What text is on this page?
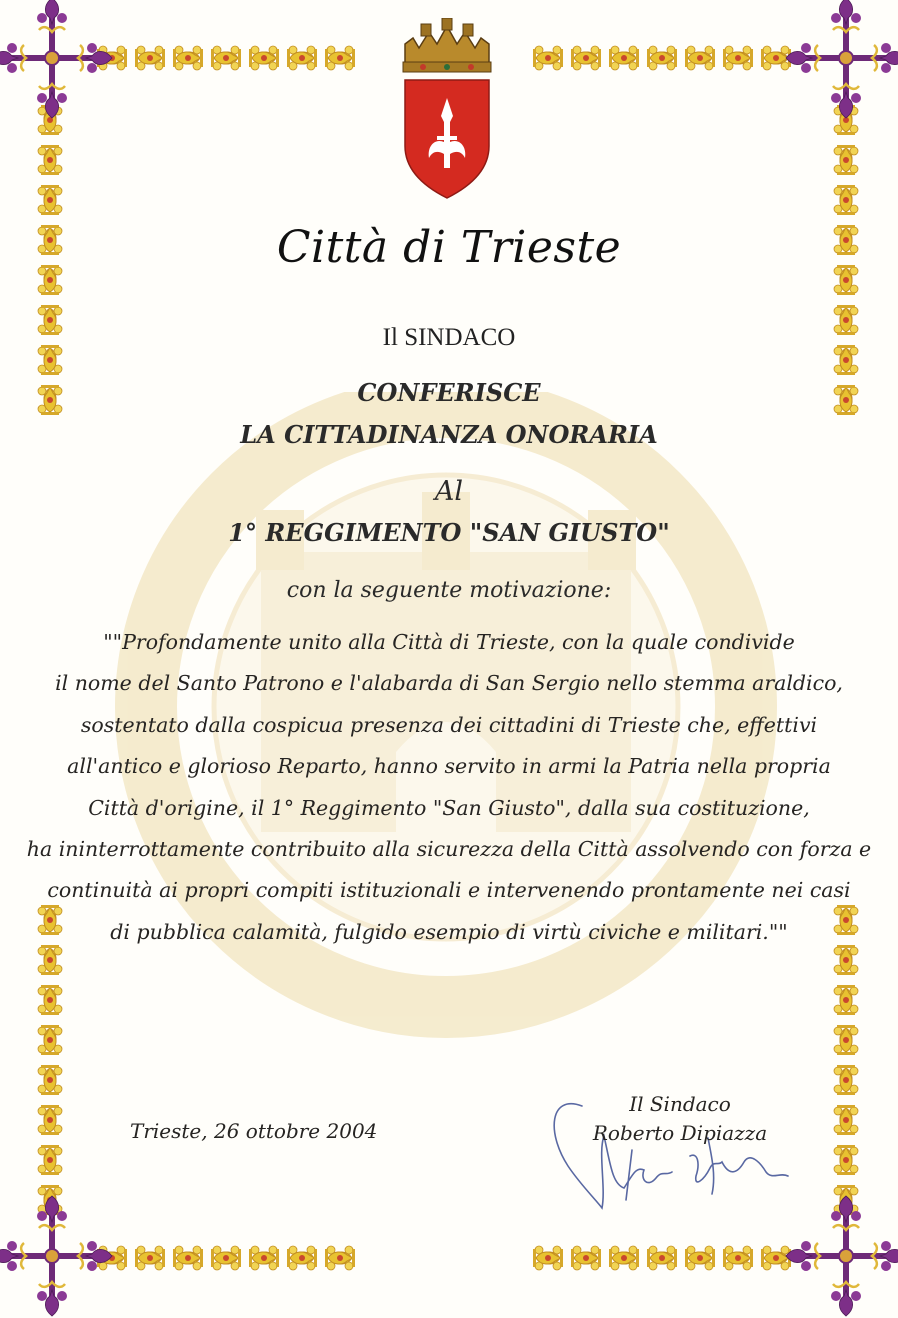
Città di Trieste
Il SINDACO
CONFERISCE
LA CITTADINANZA ONORARIA
Al
1° REGGIMENTO "SAN GIUSTO"
con la seguente motivazione:
""Profondamente unito alla Città di Trieste, con la quale condivide
il nome del Santo Patrono e l'alabarda di San Sergio nello stemma araldico,
sostentato dalla cospicua presenza dei cittadini di Trieste che, effettivi
all'antico e glorioso Reparto, hanno servito in armi la Patria nella propria
Città d'origine, il 1° Reggimento "San Giusto", dalla sua costituzione,
ha ininterrottamente contribuito alla sicurezza della Città assolvendo con forza e
continuità ai propri compiti istituzionali e intervenendo prontamente nei casi
di pubblica calamità, fulgido esempio di virtù civiche e militari.""
Trieste, 26 ottobre 2004
Il Sindaco
Roberto Dipiazza
